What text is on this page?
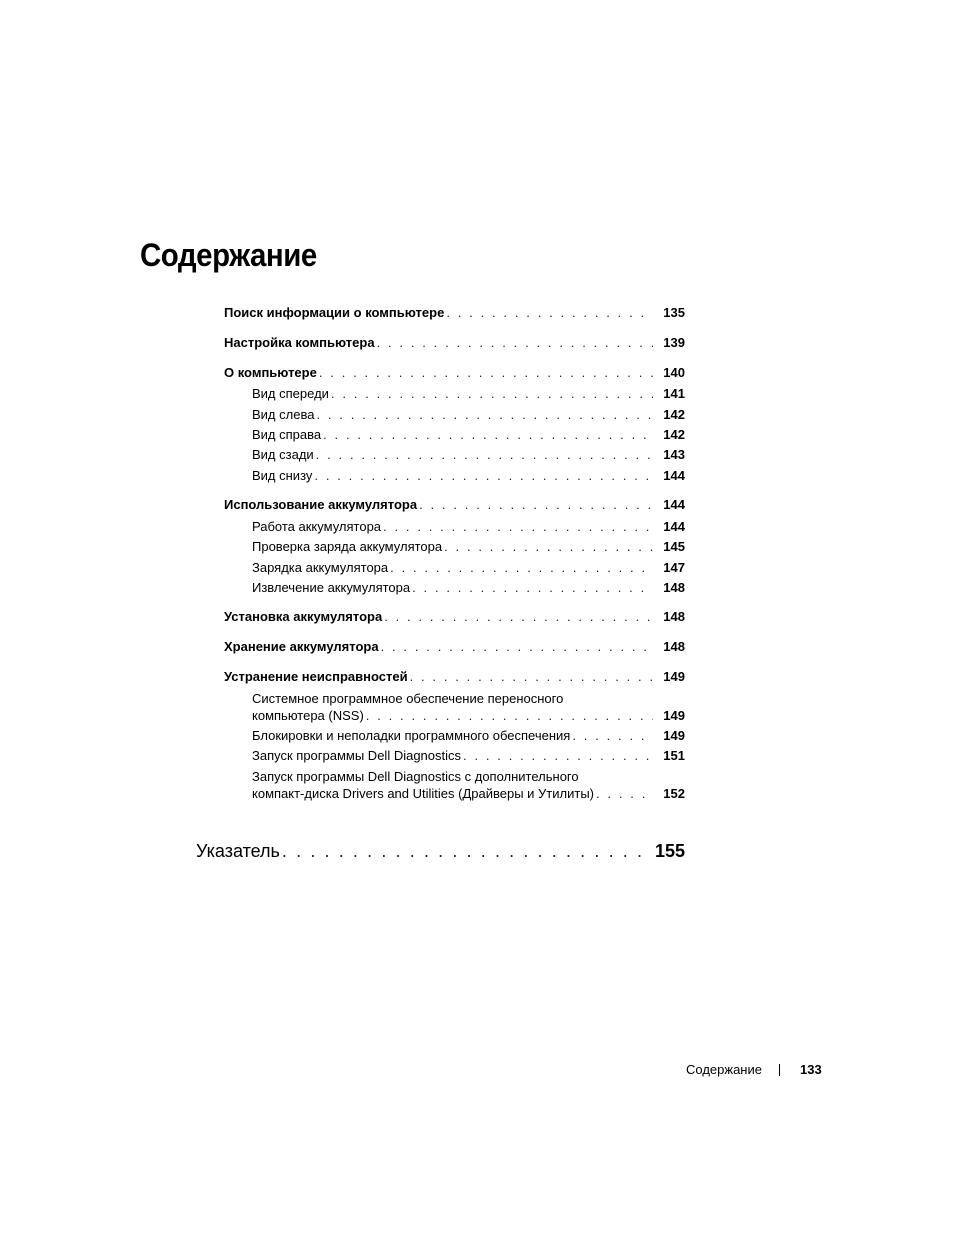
Содержание
Поиск информации о компьютере . . .	135
Настройка компьютера . . .	139
О компьютере . . .	140
Вид спереди . . .	141
Вид слева . . .	142
Вид справа . . .	142
Вид сзади . . .	143
Вид снизу . . .	144
Использование аккумулятора . . .	144
Работа аккумулятора . . .	144
Проверка заряда аккумулятора . . .	145
Зарядка аккумулятора . . .	147
Извлечение аккумулятора . . .	148
Установка аккумулятора . . .	148
Хранение аккумулятора . . .	148
Устранение неисправностей . . .	149
Системное программное обеспечение переносного
компьютера (NSS) . . .	149
Блокировки и неполадки программного обеспечения . . .	149
Запуск программы Dell Diagnostics . . .	151
Запуск программы Dell Diagnostics с дополнительного
компакт-диска Drivers and Utilities (Драйверы и Утилиты) . . .	152
Указатель . . .	155
Содержание	133
